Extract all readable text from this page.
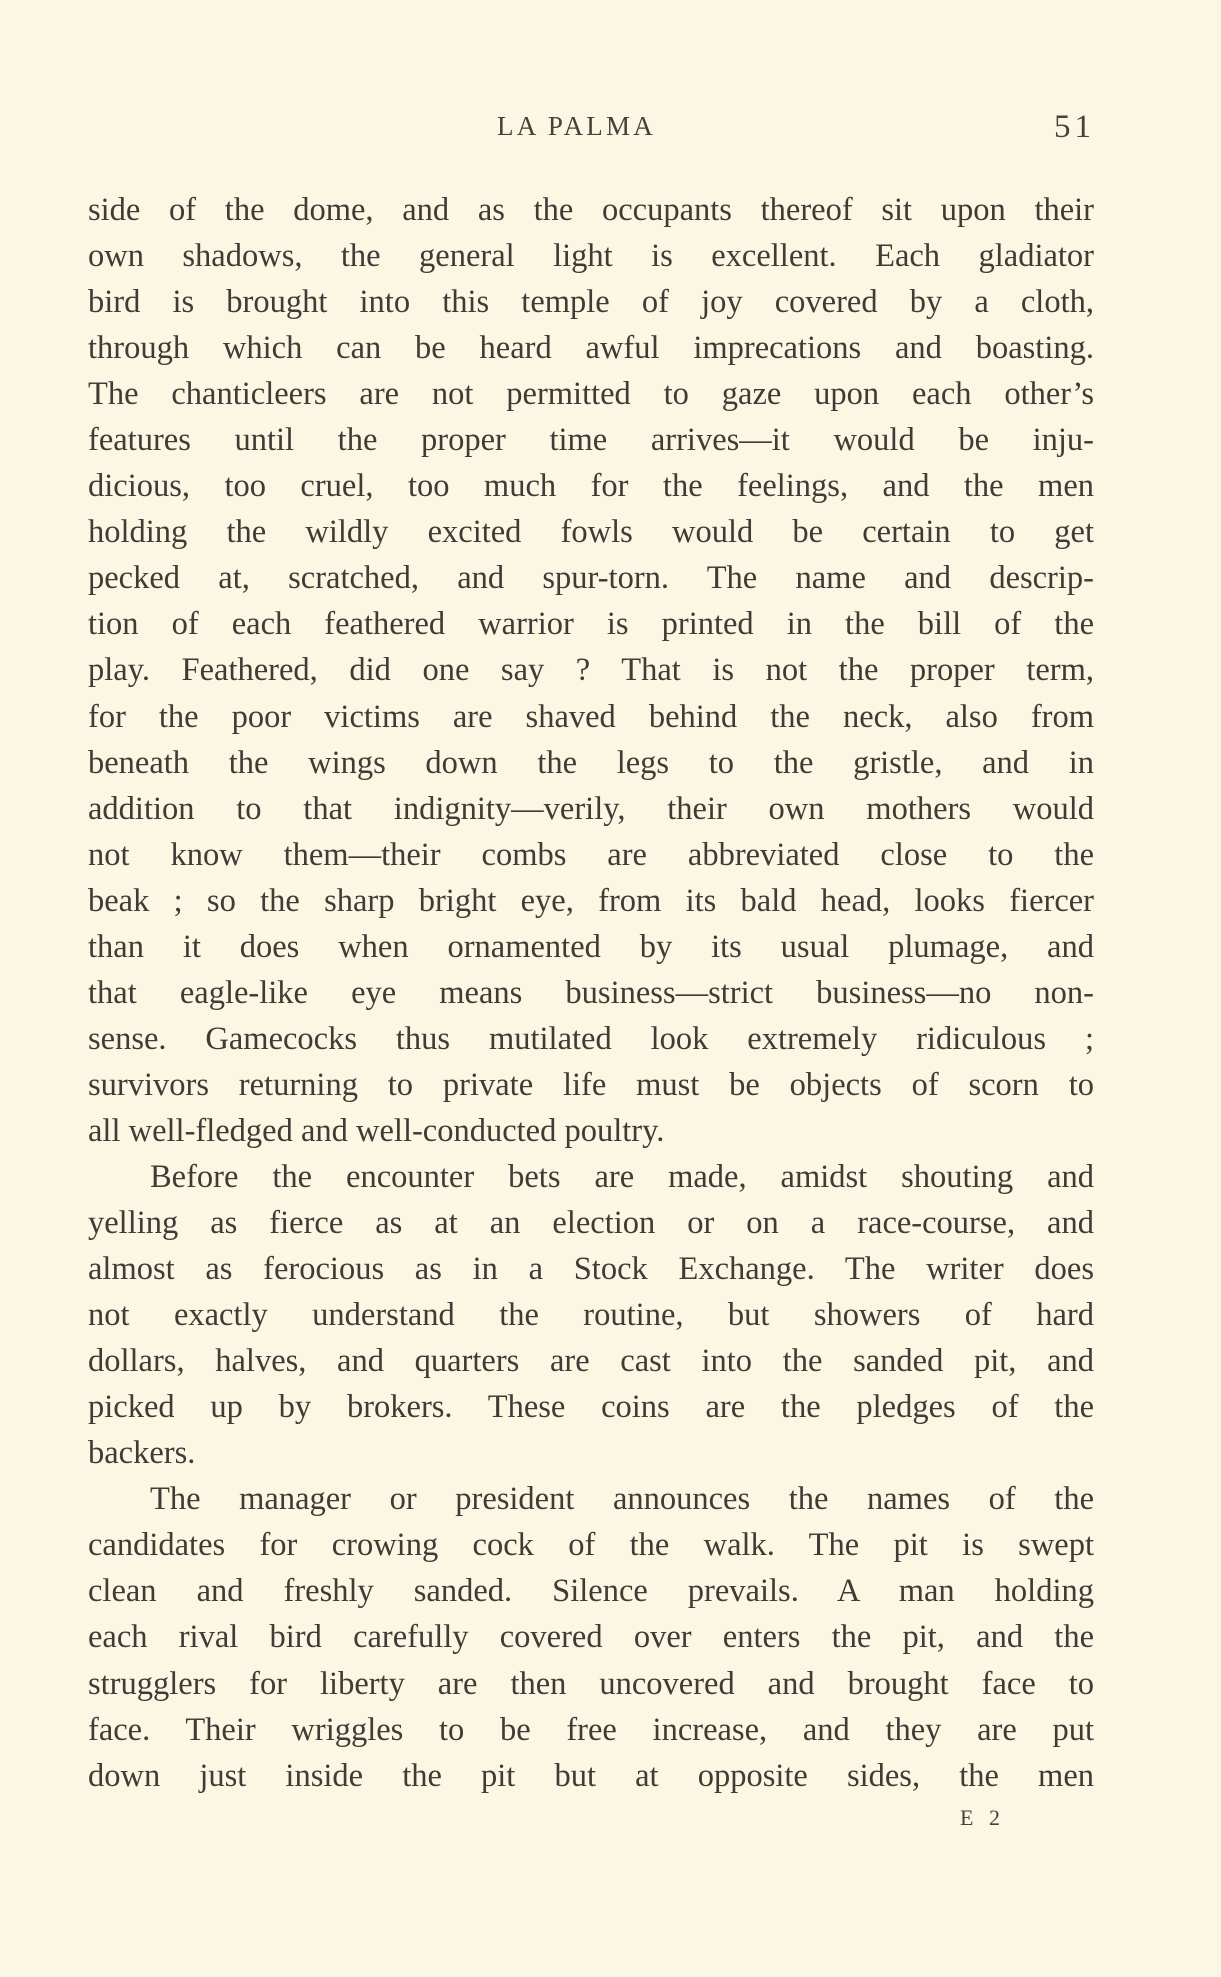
LA PALMA	51
side of the dome, and as the occupants thereof sit upon their
own shadows, the general light is excellent. Each gladiator
bird is brought into this temple of joy covered by a cloth,
through which can be heard awful imprecations and boasting.
The chanticleers are not permitted to gaze upon each other’s
features until the proper time arrives—it would be inju-
dicious, too cruel, too much for the feelings, and the men
holding the wildly excited fowls would be certain to get
pecked at, scratched, and spur-torn. The name and descrip-
tion of each feathered warrior is printed in the bill of the
play. Feathered, did one say ? That is not the proper term,
for the poor victims are shaved behind the neck, also from
beneath the wings down the legs to the gristle, and in
addition to that indignity—verily, their own mothers would
not know them—their combs are abbreviated close to the
beak ; so the sharp bright eye, from its bald head, looks fiercer
than it does when ornamented by its usual plumage, and
that eagle-like eye means business—strict business—no non-
sense. Gamecocks thus mutilated look extremely ridiculous ;
survivors returning to private life must be objects of scorn to
all well-fledged and well-conducted poultry.
Before the encounter bets are made, amidst shouting and
yelling as fierce as at an election or on a race-course, and
almost as ferocious as in a Stock Exchange. The writer does
not exactly understand the routine, but showers of hard
dollars, halves, and quarters are cast into the sanded pit, and
picked up by brokers. These coins are the pledges of the
backers.
The manager or president announces the names of the
candidates for crowing cock of the walk. The pit is swept
clean and freshly sanded. Silence prevails. A man holding
each rival bird carefully covered over enters the pit, and the
strugglers for liberty are then uncovered and brought face to
face. Their wriggles to be free increase, and they are put
down just inside the pit but at opposite sides, the men
E 2
